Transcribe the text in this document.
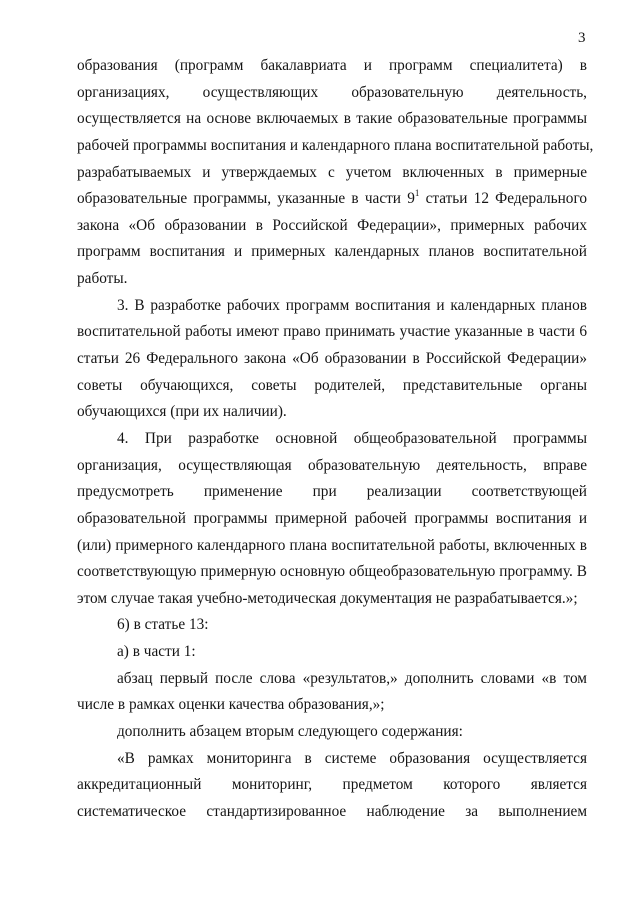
3
образования (программ бакалавриата и программ специалитета) в
организациях, осуществляющих образовательную деятельность,
осуществляется на основе включаемых в такие образовательные программы
рабочей программы воспитания и календарного плана воспитательной работы,
разрабатываемых и утверждаемых с учетом включенных в примерные
образовательные программы, указанные в части $9^1$ статьи 12 Федерального
закона «Об образовании в Российской Федерации», примерных рабочих
программ воспитания и примерных календарных планов воспитательной
работы.
3. В разработке рабочих программ воспитания и календарных планов
воспитательной работы имеют право принимать участие указанные в части 6
статьи 26 Федерального закона «Об образовании в Российской Федерации»
советы обучающихся, советы родителей, представительные органы
обучающихся (при их наличии).
4. При разработке основной общеобразовательной программы
организация, осуществляющая образовательную деятельность, вправе
предусмотреть применение при реализации соответствующей
образовательной программы примерной рабочей программы воспитания и
(или) примерного календарного плана воспитательной работы, включенных в
соответствующую примерную основную общеобразовательную программу. В
этом случае такая учебно-методическая документация не разрабатывается.»;
6) в статье 13:
а) в части 1:
абзац первый после слова «результатов,» дополнить словами «в том
числе в рамках оценки качества образования,»;
дополнить абзацем вторым следующего содержания:
«В рамках мониторинга в системе образования осуществляется
аккредитационный мониторинг, предметом которого является
систематическое стандартизированное наблюдение за выполнением
